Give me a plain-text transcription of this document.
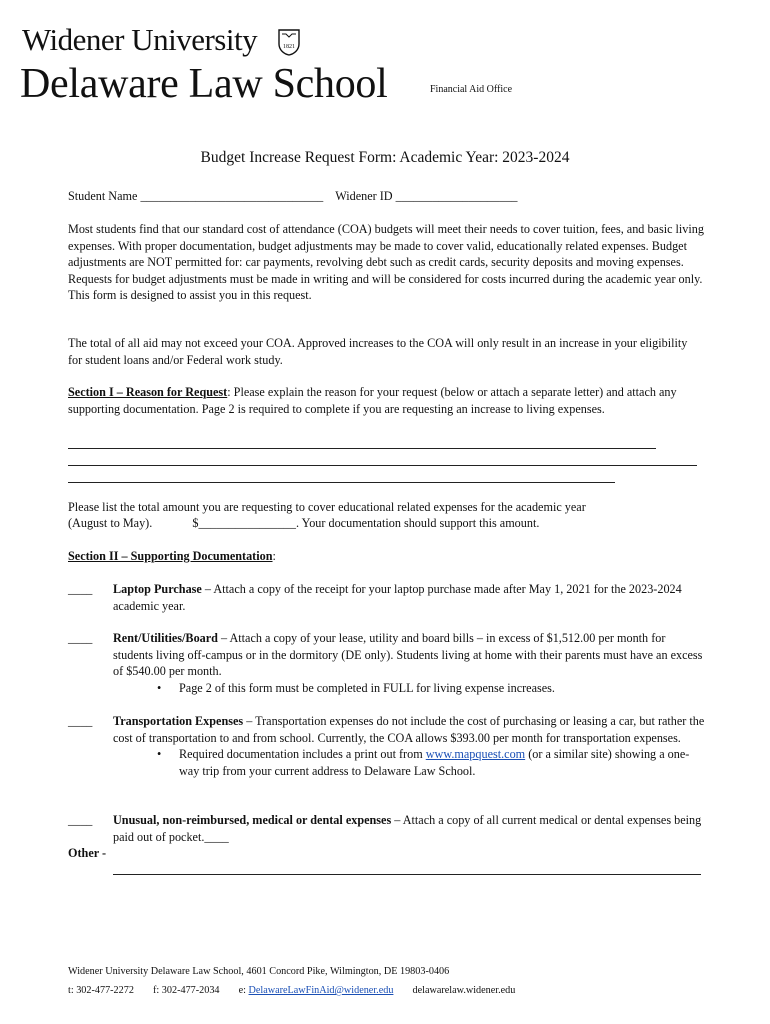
Widener University	1821
Delaware Law School	Financial Aid Office
Budget Increase Request Form: Academic Year: 2023-2024
Student Name ______________________________ Widener ID ____________________
Most students find that our standard cost of attendance (COA) budgets will meet their needs to cover tuition, fees, and basic living expenses. With proper documentation, budget adjustments may be made to cover valid, educationally related expenses. Budget adjustments are NOT permitted for: car payments, revolving debt such as credit cards, security deposits and moving expenses. Requests for budget adjustments must be made in writing and will be considered for costs incurred during the academic year only. This form is designed to assist you in this request.
The total of all aid may not exceed your COA. Approved increases to the COA will only result in an increase in your eligibility for student loans and/or Federal work study.
Section I – Reason for Request: Please explain the reason for your request (below or attach a separate letter) and attach any supporting documentation. Page 2 is required to complete if you are requesting an increase to living expenses.
Please list the total amount you are requesting to cover educational related expenses for the academic year
(August to May).	$________________. Your documentation should support this amount.
Section II – Supporting Documentation:
____ Laptop Purchase – Attach a copy of the receipt for your laptop purchase made after May 1, 2021 for the 2023-2024 academic year.
____ Rent/Utilities/Board – Attach a copy of your lease, utility and board bills – in excess of $1,512.00 per month for students living off-campus or in the dormitory (DE only). Students living at home with their parents must have an excess of $540.00 per month.
•	Page 2 of this form must be completed in FULL for living expense increases.
____ Transportation Expenses – Transportation expenses do not include the cost of purchasing or leasing a car, but rather the cost of transportation to and from school. Currently, the COA allows $393.00 per month for transportation expenses.
•	Required documentation includes a print out from www.mapquest.com (or a similar site) showing a one-way trip from your current address to Delaware Law School.
____ Unusual, non-reimbursed, medical or dental expenses – Attach a copy of all current medical or dental expenses being paid out of pocket.____
Other -
Widener University Delaware Law School, 4601 Concord Pike, Wilmington, DE 19803-0406
t: 302-477-2272 f: 302-477-2034 e: DelawareLawFinAid@widener.edu delawarelaw.widener.edu
